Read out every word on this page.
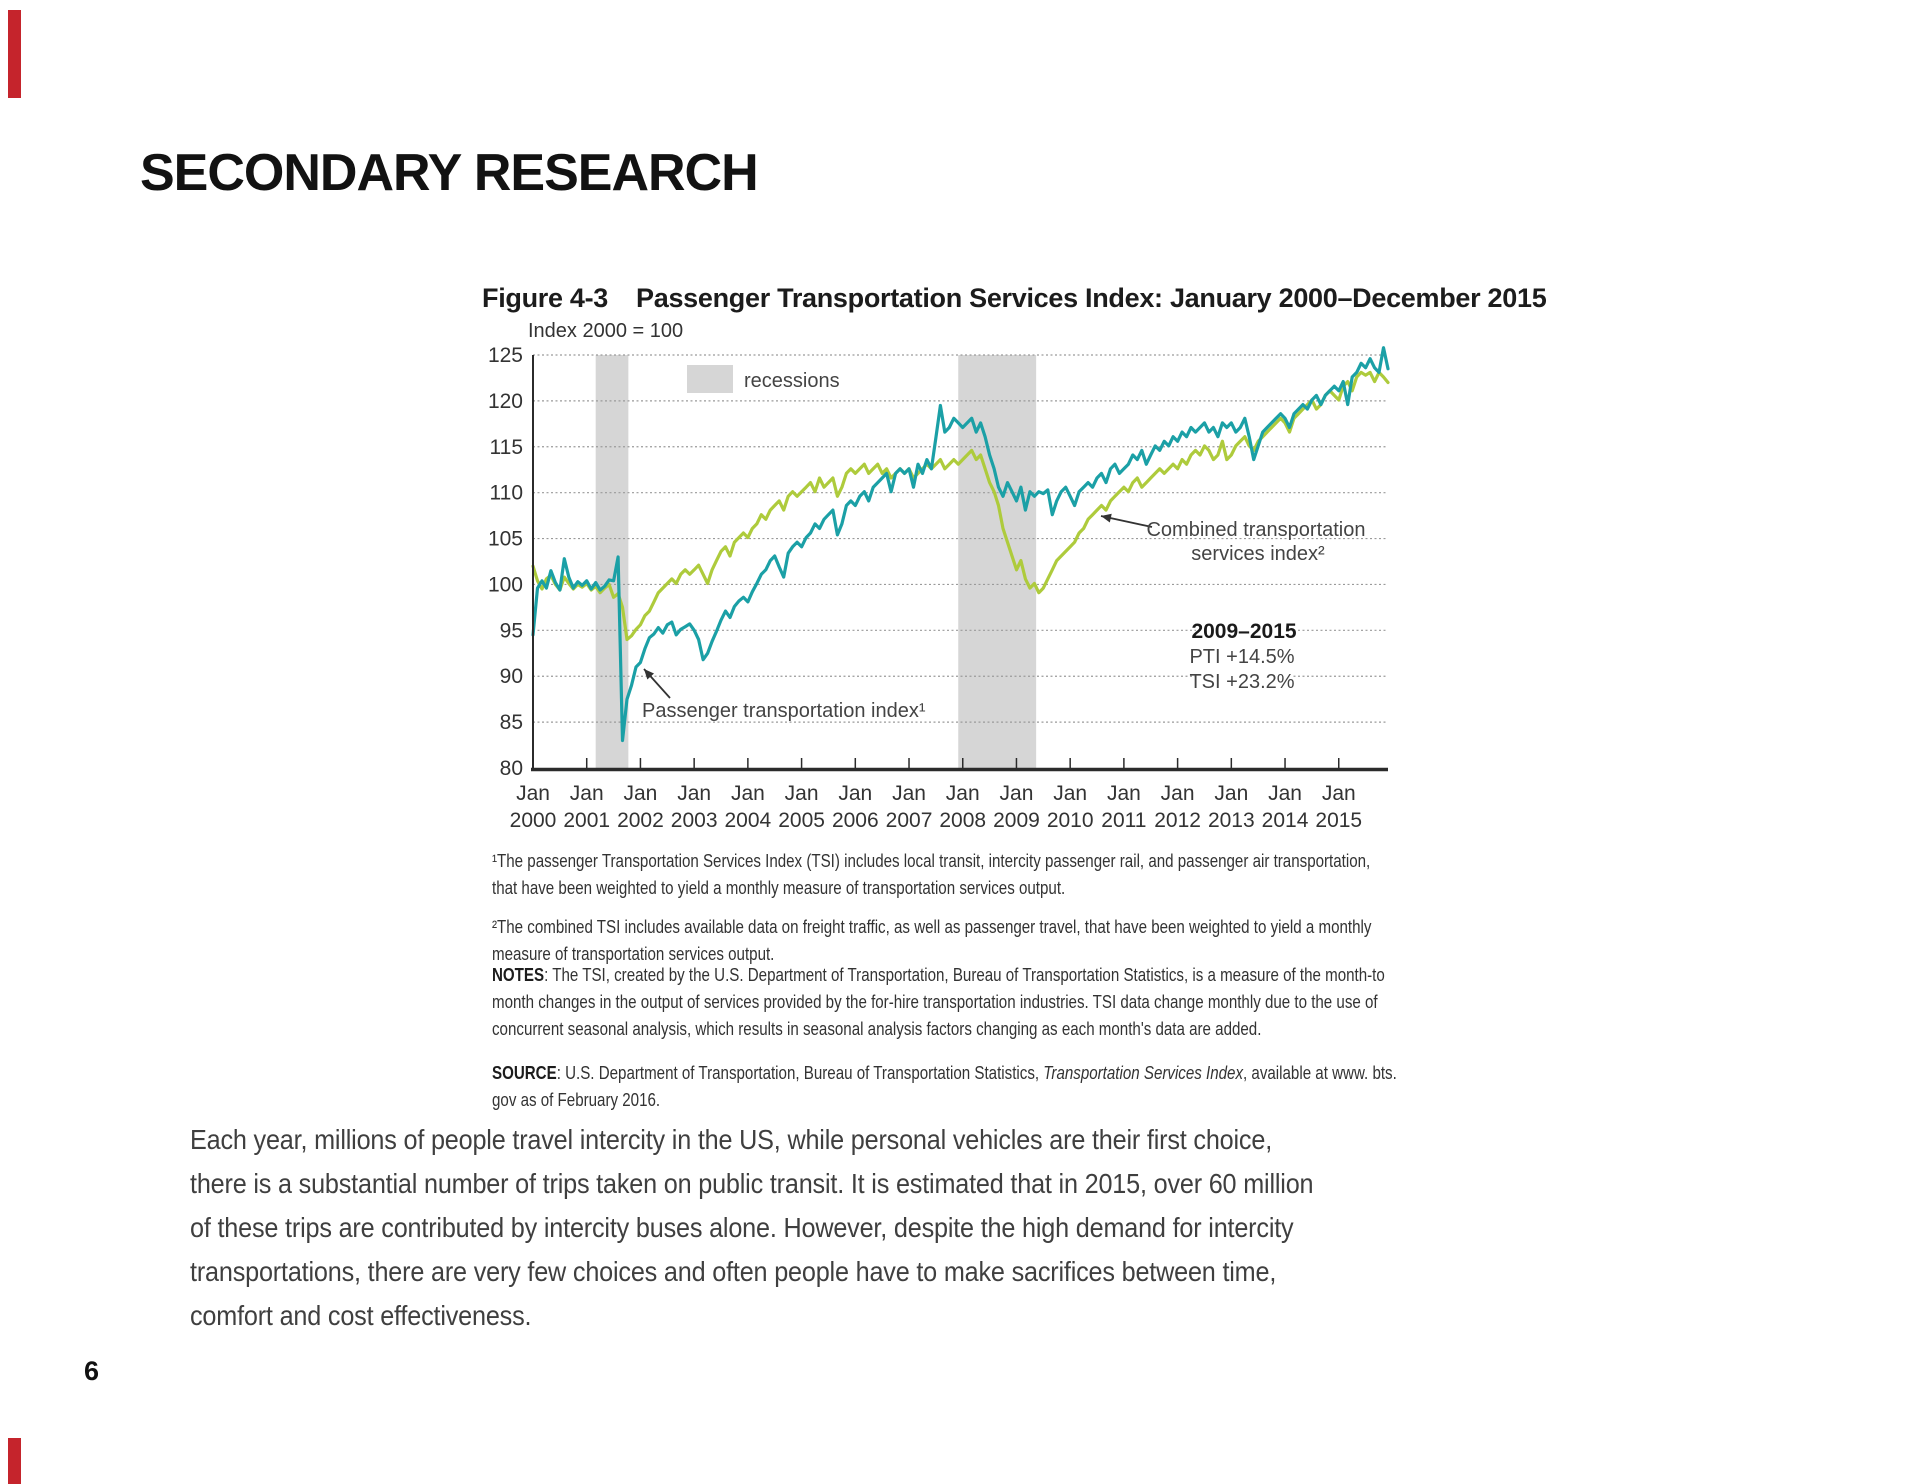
SECONDARY RESEARCH
Figure 4-3 Passenger Transportation Services Index: January 2000–December 2015
Index 2000 = 100
80
85
90
95
100
105
110
115
120
125
Jan
2000
Jan
2001
Jan
2002
Jan
2003
Jan
2004
Jan
2005
Jan
2006
Jan
2007
Jan
2008
Jan
2009
Jan
2010
Jan
2011
Jan
2012
Jan
2013
Jan
2014
Jan
2015
recessions
Passenger transportation index¹
Combined transportation
services index²
2009–2015
PTI +14.5%
TSI +23.2%
¹The passenger Transportation Services Index (TSI) includes local transit, intercity passenger rail, and passenger air transportation,
that have been weighted to yield a monthly measure of transportation services output.
²The combined TSI includes available data on freight traffic, as well as passenger travel, that have been weighted to yield a monthly
measure of transportation services output.
NOTES: The TSI, created by the U.S. Department of Transportation, Bureau of Transportation Statistics, is a measure of the month-to
month changes in the output of services provided by the for-hire transportation industries. TSI data change monthly due to the use of
concurrent seasonal analysis, which results in seasonal analysis factors changing as each month's data are added.
SOURCE: U.S. Department of Transportation, Bureau of Transportation Statistics, Transportation Services Index, available at www. bts.
gov as of February 2016.
Each year, millions of people travel intercity in the US, while personal vehicles are their first choice,
there is a substantial number of trips taken on public transit. It is estimated that in 2015, over 60 million
of these trips are contributed by intercity buses alone. However, despite the high demand for intercity
transportations, there are very few choices and often people have to make sacrifices between time,
comfort and cost effectiveness.
6
